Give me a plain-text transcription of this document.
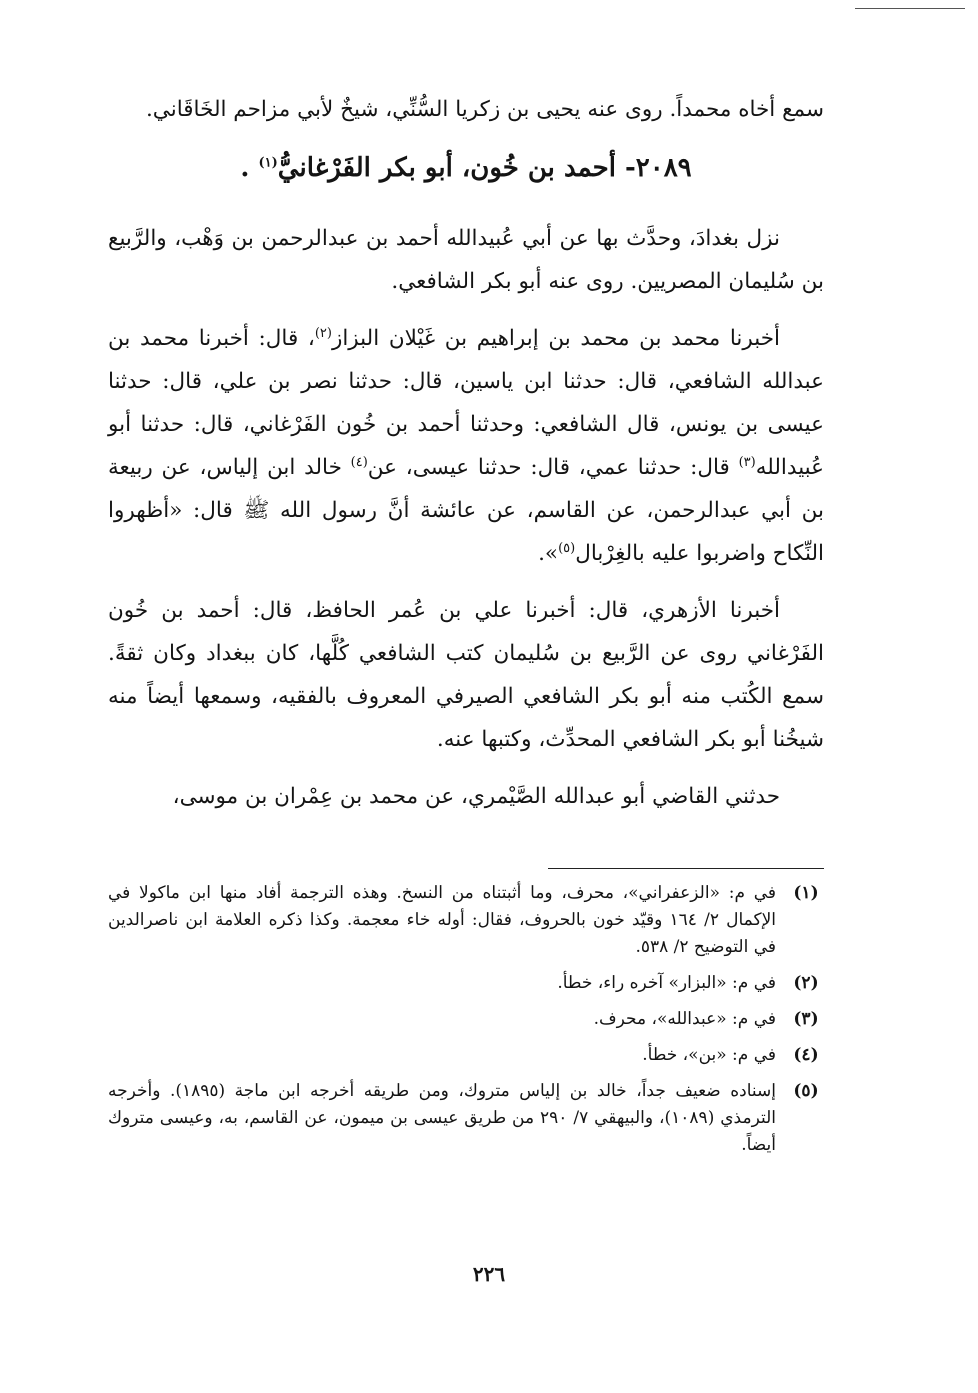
سمع أخاه محمداً. روى عنه يحيى بن زكريا السُّنِّي، شيخٌ لأبي مزاحم الخَاقَاني.

٢٠٨٩- أحمد بن خُون، أبو بكر الفَرْغانيُّ$^{(١)}$ .

نزل بغدادَ، وحدَّث بها عن أبي عُبيدالله أحمد بن عبدالرحمن بن وَهْب، والرَّبيع بن سُليمان المصريين. روى عنه أبو بكر الشافعي.

أخبرنا محمد بن محمد بن إبراهيم بن غَيْلان البزاز$^{(٢)}$، قال: أخبرنا محمد بن عبدالله الشافعي، قال: حدثنا ابن ياسين، قال: حدثنا نصر بن علي، قال: حدثنا عيسى بن يونس، قال الشافعي: وحدثنا أحمد بن خُون الفَرْغاني، قال: حدثنا أبو عُبيدالله$^{(٣)}$ قال: حدثنا عمي، قال: حدثنا عيسى، عن$^{(٤)}$ خالد ابن إلياس، عن ربيعة بن أبي عبدالرحمن، عن القاسم، عن عائشة أنَّ رسول الله ﷺ قال: «أظهروا النِّكاح واضربوا عليه بالغِرْبال$^{(٥)}$».

أخبرنا الأزهري، قال: أخبرنا علي بن عُمر الحافظ، قال: أحمد بن خُون الفَرْغاني روى عن الرَّبيع بن سُليمان كتب الشافعي كُلَّها، كان ببغداد وكان ثقةً. سمع الكُتب منه أبو بكر الشافعي الصيرفي المعروف بالفقيه، وسمعها أيضاً منه شيخُنا أبو بكر الشافعي المحدِّث، وكتبها عنه.

حدثني القاضي أبو عبدالله الصَّيْمري، عن محمد بن عِمْران بن موسى،

(١)
في م: «الزعفراني»، محرف، وما أثبتناه من النسخ. وهذه الترجمة أفاد منها ابن ماكولا في الإكمال ٢/ ١٦٤ وقيّد خون بالحروف، فقال: أوله خاء معجمة. وكذا ذكره العلامة ابن ناصرالدين في التوضيح ٢/ ٥٣٨.
(٢)
في م: «البزار» آخره راء، خطأ.
(٣)
في م: «عبدالله»، محرف.
(٤)
في م: «بن»، خطأ.
(٥)
إسناده ضعيف جداً، خالد بن إلياس متروك، ومن طريقه أخرجه ابن ماجة (١٨٩٥). وأخرجه الترمذي (١٠٨٩)، والبيهقي ٧/ ٢٩٠ من طريق عيسى بن ميمون، عن القاسم، به، وعيسى متروك أيضاً.
٢٢٦
